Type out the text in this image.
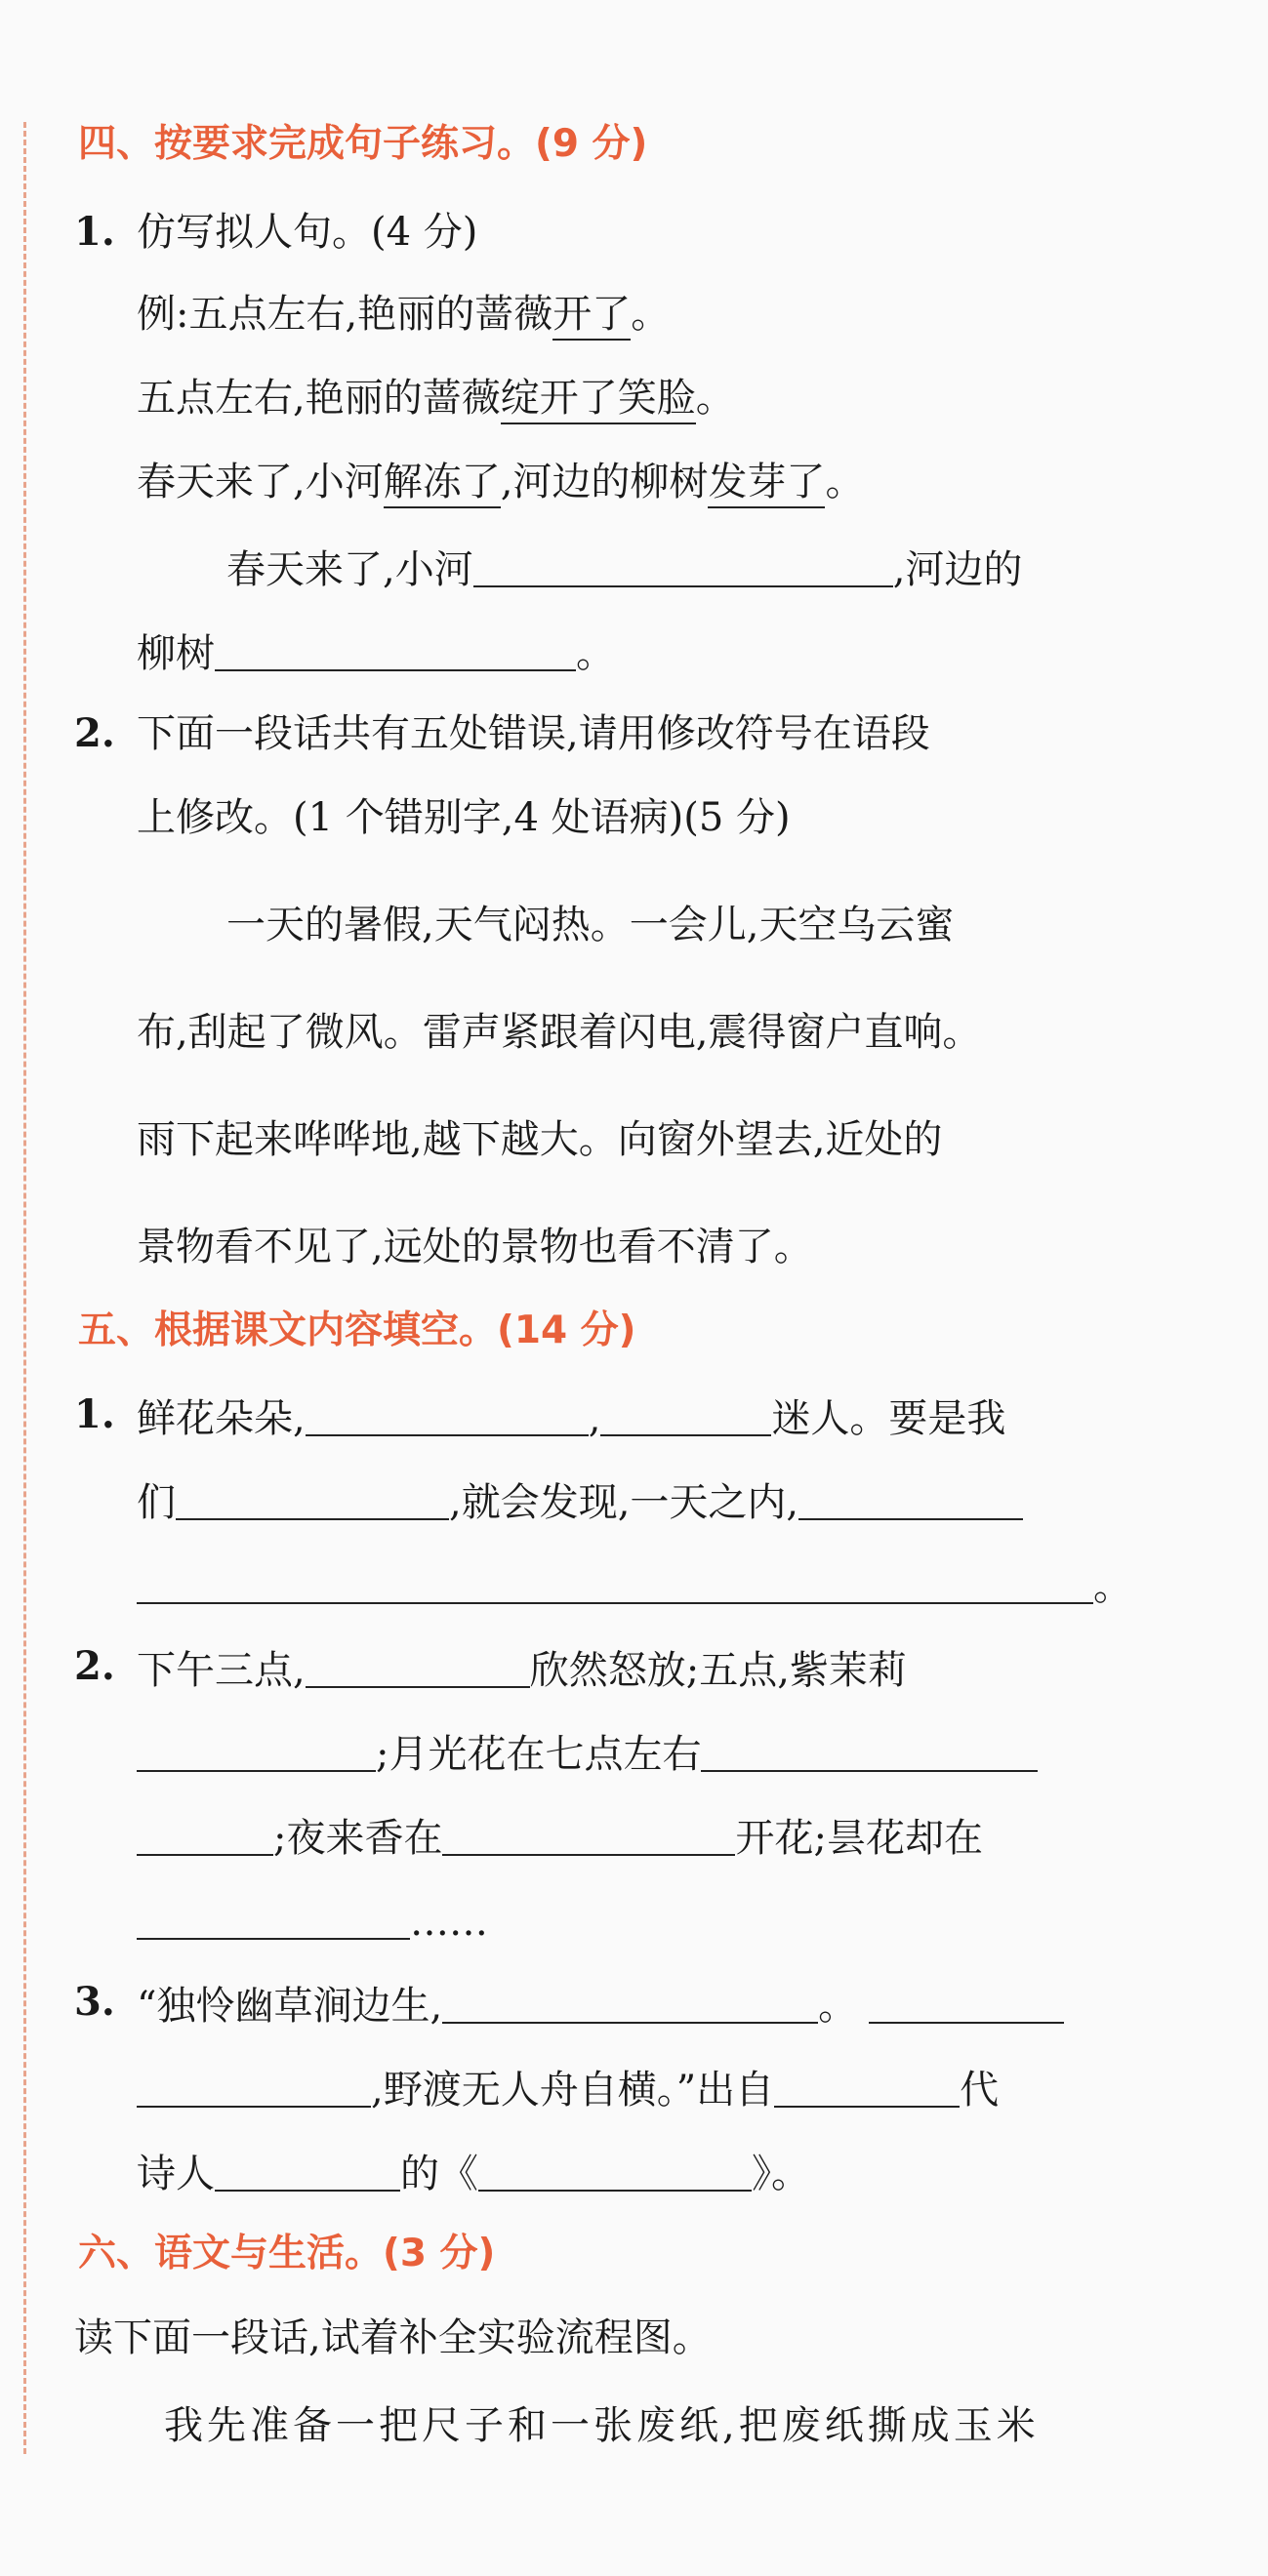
四、按要求完成句子练习。(9 分)
1. 仿写拟人句。(4 分)
例:五点左右,艳丽的蔷薇开了。
五点左右,艳丽的蔷薇绽开了笑脸。
春天来了,小河解冻了,河边的柳树发芽了。
春天来了,小河	,河边的
柳树	。
2. 下面一段话共有五处错误,请用修改符号在语段
上修改。(1 个错别字,4 处语病)(5 分)
一天的暑假,天气闷热。一会儿,天空乌云蜜
布,刮起了微风。雷声紧跟着闪电,震得窗户直响。
雨下起来哗哗地,越下越大。向窗外望去,近处的
景物看不见了,远处的景物也看不清了。
五、根据课文内容填空。(14 分)
1. 鲜花朵朵,	,	迷人。要是我
们	,就会发现,一天之内,
。
2. 下午三点,	欣然怒放;五点,紫茉莉
;月光花在七点左右
;夜来香在	开花;昙花却在
……
3. “独怜幽草涧边生,	。
,野渡无人舟自横。”出自	代
诗人	的《	》。
六、语文与生活。(3 分)
读下面一段话,试着补全实验流程图。
我先准备一把尺子和一张废纸,把废纸撕成玉米
